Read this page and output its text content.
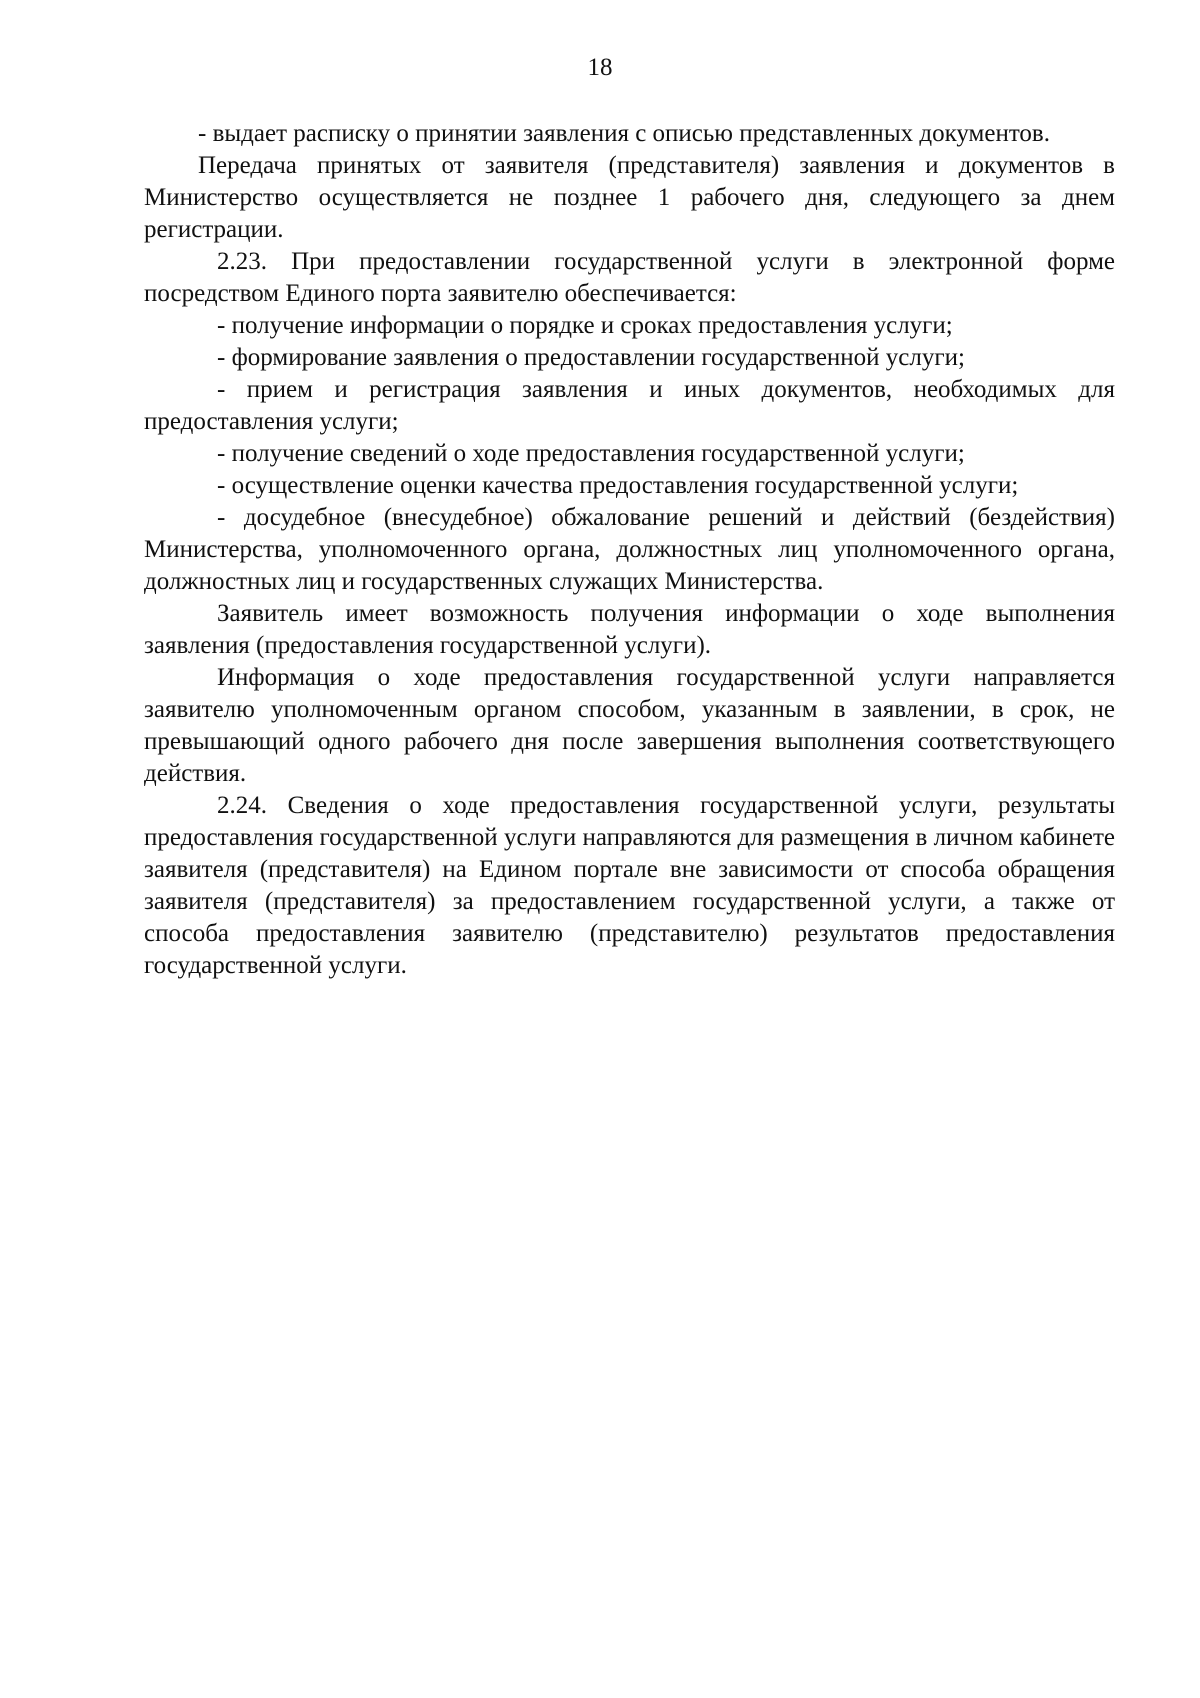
18

- выдает расписку о принятии заявления с описью представленных документов.

Передача принятых от заявителя (представителя) заявления и документов в Министерство осуществляется не позднее 1 рабочего дня, следующего за днем регистрации.

2.23. При предоставлении государственной услуги в электронной форме посредством Единого порта заявителю обеспечивается:

- получение информации о порядке и сроках предоставления услуги;

- формирование заявления о предоставлении государственной услуги;

- прием и регистрация заявления и иных документов, необходимых для предоставления услуги;

- получение сведений о ходе предоставления государственной услуги;

- осуществление оценки качества предоставления государственной услуги;

- досудебное (внесудебное) обжалование решений и действий (бездействия) Министерства, уполномоченного органа, должностных лиц уполномоченного органа, должностных лиц и государственных служащих Министерства.

Заявитель имеет возможность получения информации о ходе выполнения заявления (предоставления государственной услуги).

Информация о ходе предоставления государственной услуги направляется заявителю уполномоченным органом способом, указанным в заявлении, в срок, не превышающий одного рабочего дня после завершения выполнения соответствующего действия.

2.24. Сведения о ходе предоставления государственной услуги, результаты предоставления государственной услуги направляются для размещения в личном кабинете заявителя (представителя) на Едином портале вне зависимости от способа обращения заявителя (представителя) за предоставлением государственной услуги, а также от способа предоставления заявителю (представителю) результатов предоставления государственной услуги.
